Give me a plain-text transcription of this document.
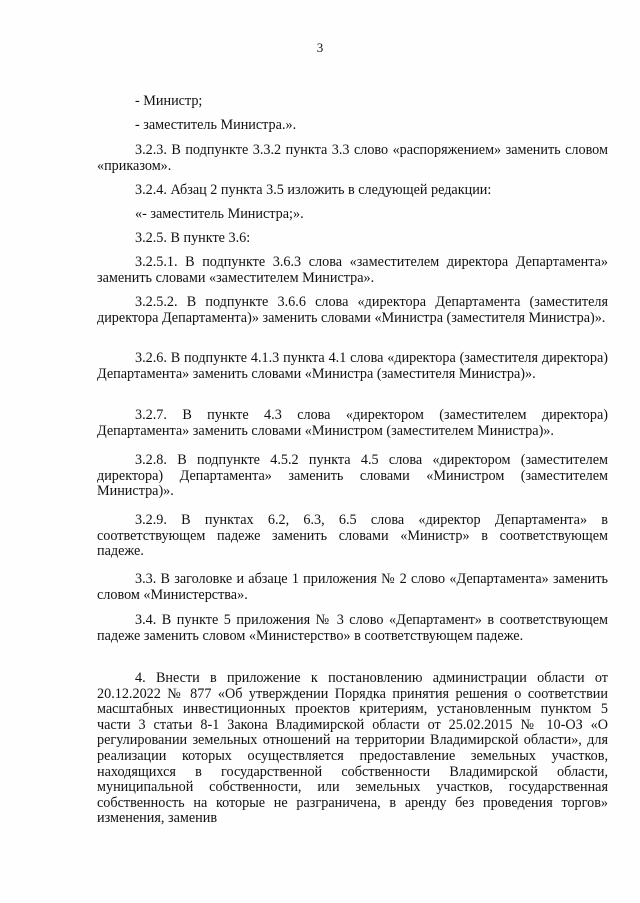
3
- Министр;
- заместитель Министра.».
3.2.3. В подпункте 3.3.2 пункта 3.3 слово «распоряжением» заменить словом «приказом».
3.2.4. Абзац 2 пункта 3.5 изложить в следующей редакции:
«- заместитель Министра;».
3.2.5. В пункте 3.6:
3.2.5.1. В подпункте 3.6.3 слова «заместителем директора Департамента» заменить словами «заместителем Министра».
3.2.5.2. В подпункте 3.6.6 слова «директора Департамента (заместителя директора Департамента)» заменить словами «Министра (заместителя Министра)».
3.2.6. В подпункте 4.1.3 пункта 4.1 слова «директора (заместителя директора) Департамента» заменить словами «Министра (заместителя Министра)».
3.2.7. В пункте 4.3 слова «директором (заместителем директора) Департамента» заменить словами «Министром (заместителем Министра)».
3.2.8. В подпункте 4.5.2 пункта 4.5 слова «директором (заместителем директора) Департамента» заменить словами «Министром (заместителем Министра)».
3.2.9. В пунктах 6.2, 6.3, 6.5 слова «директор Департамента» в соответствующем падеже заменить словами «Министр» в соответствующем падеже.
3.3. В заголовке и абзаце 1 приложения № 2 слово «Департамента» заменить словом «Министерства».
3.4. В пункте 5 приложения № 3 слово «Департамент» в соответствующем падеже заменить словом «Министерство» в соответствующем падеже.
4. Внести в приложение к постановлению администрации области от 20.12.2022 № 877 «Об утверждении Порядка принятия решения о соответствии масштабных инвестиционных проектов критериям, установленным пунктом 5 части 3 статьи 8-1 Закона Владимирской области от 25.02.2015 № 10-ОЗ «О регулировании земельных отношений на территории Владимирской области», для реализации которых осуществляется предоставление земельных участков, находящихся в государственной собственности Владимирской области, муниципальной собственности, или земельных участков, государственная собственность на которые не разграничена, в аренду без проведения торгов» изменения, заменив
